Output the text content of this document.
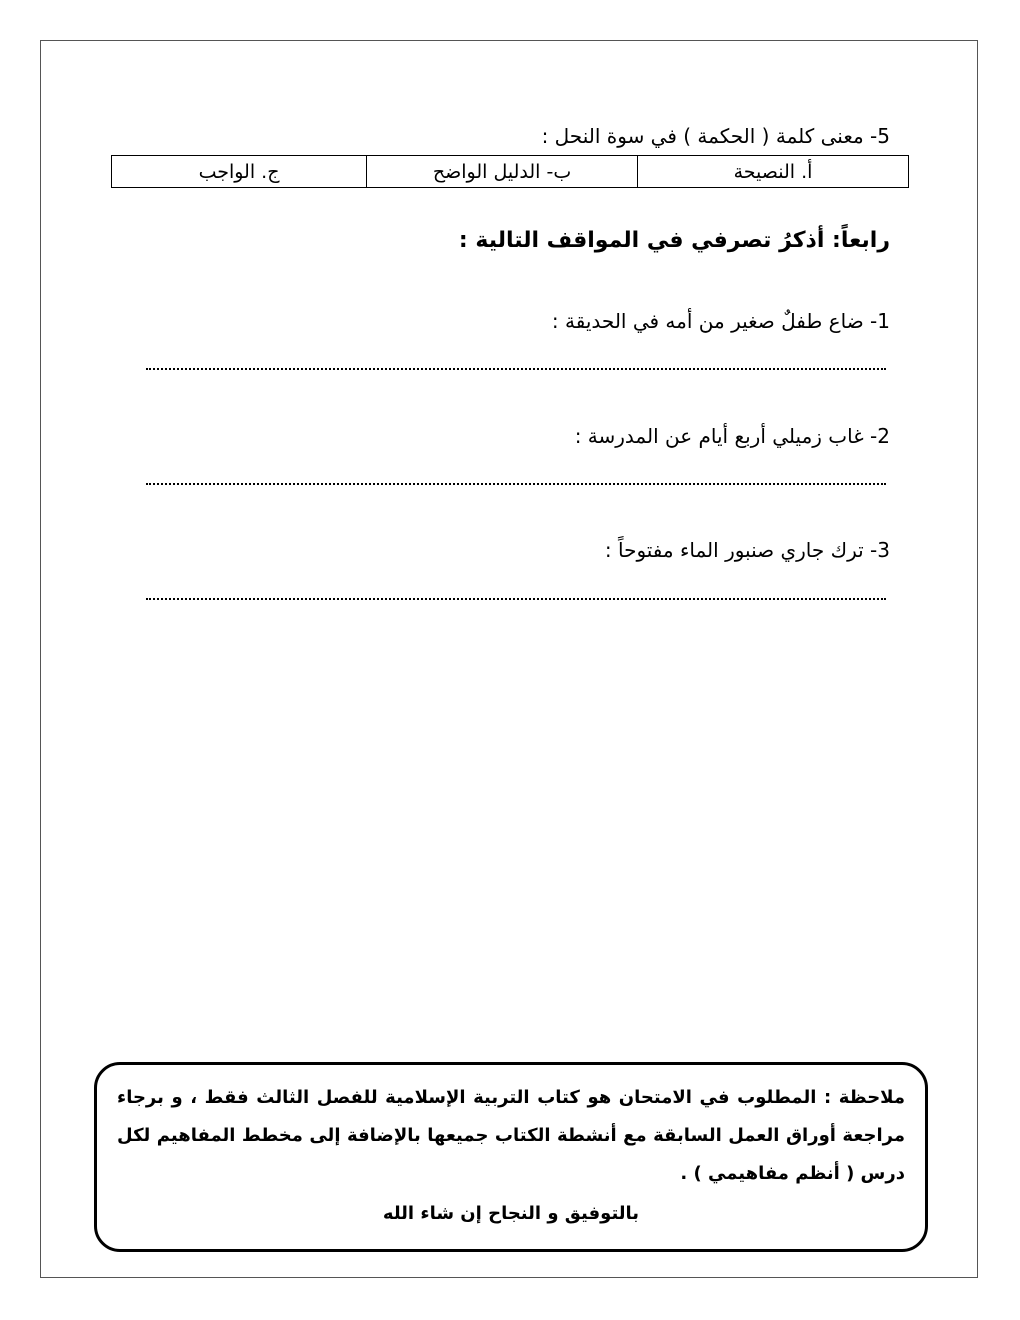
5- معنى كلمة ( الحكمة ) في سوة النحل :
أ. النصيحة	ب- الدليل الواضح	ج. الواجب
رابعاً: أذكرُ تصرفي في المواقف التالية :
1- ضاع طفلٌ صغير من أمه في الحديقة :
2- غاب زميلي أربع أيام عن المدرسة :
3- ترك جاري صنبور الماء مفتوحاً :
ملاحظة : المطلوب في الامتحان هو كتاب التربية الإسلامية للفصل الثالث فقط ، و برجاء مراجعة أوراق العمل السابقة مع أنشطة الكتاب جميعها بالإضافة إلى مخطط المفاهيم لكل درس ( أنظم مفاهيمي ) .
بالتوفيق و النجاح إن شاء الله
